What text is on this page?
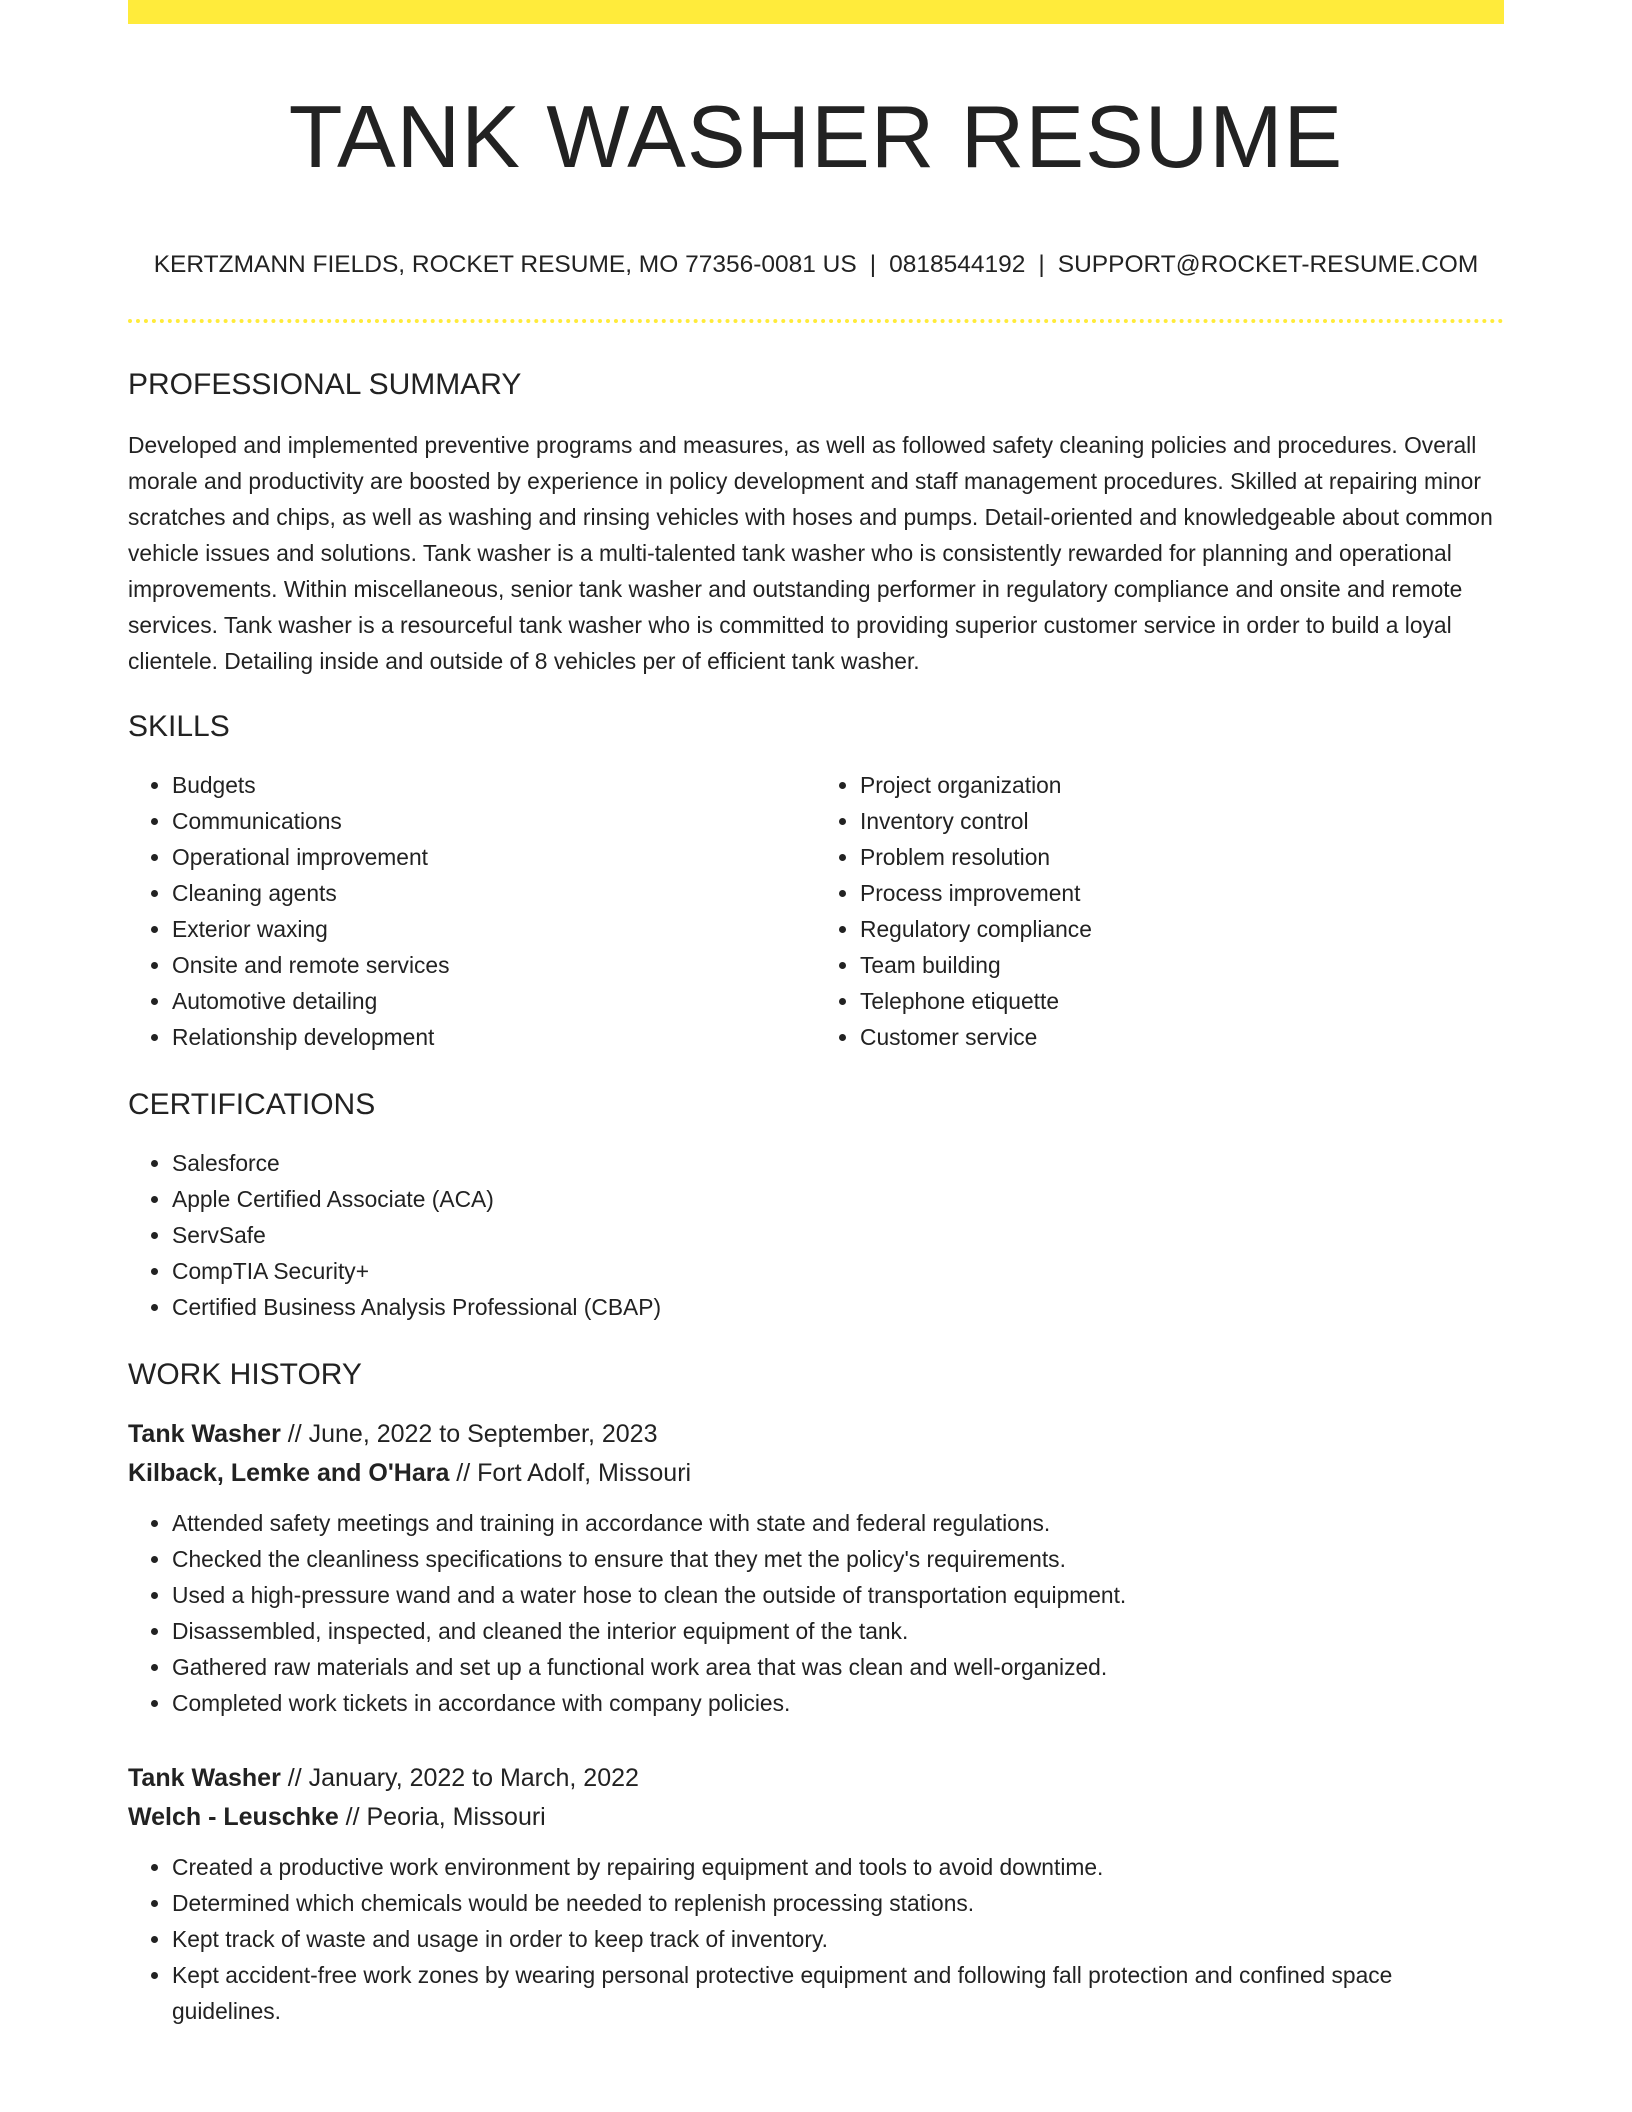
TANK WASHER RESUME
KERTZMANN FIELDS, ROCKET RESUME, MO 77356-0081 US | 0818544192 | SUPPORT@ROCKET-RESUME.COM
PROFESSIONAL SUMMARY

Developed and implemented preventive programs and measures, as well as followed safety cleaning policies and procedures. Overall morale and productivity are boosted by experience in policy development and staff management procedures. Skilled at repairing minor scratches and chips, as well as washing and rinsing vehicles with hoses and pumps. Detail-oriented and knowledgeable about common vehicle issues and solutions. Tank washer is a multi-talented tank washer who is consistently rewarded for planning and operational improvements. Within miscellaneous, senior tank washer and outstanding performer in regulatory compliance and onsite and remote services. Tank washer is a resourceful tank washer who is committed to providing superior customer service in order to build a loyal clientele. Detailing inside and outside of 8 vehicles per of efficient tank washer.

SKILLS
• Budgets
• Communications
• Operational improvement
• Cleaning agents
• Exterior waxing
• Onsite and remote services
• Automotive detailing
• Relationship development
• Project organization
• Inventory control
• Problem resolution
• Process improvement
• Regulatory compliance
• Team building
• Telephone etiquette
• Customer service
CERTIFICATIONS
• Salesforce
• Apple Certified Associate (ACA)
• ServSafe
• CompTIA Security+
• Certified Business Analysis Professional (CBAP)
WORK HISTORY
Tank Washer // June, 2022 to September, 2023
Kilback, Lemke and O'Hara // Fort Adolf, Missouri
• Attended safety meetings and training in accordance with state and federal regulations.
• Checked the cleanliness specifications to ensure that they met the policy's requirements.
• Used a high-pressure wand and a water hose to clean the outside of transportation equipment.
• Disassembled, inspected, and cleaned the interior equipment of the tank.
• Gathered raw materials and set up a functional work area that was clean and well-organized.
• Completed work tickets in accordance with company policies.
Tank Washer // January, 2022 to March, 2022
Welch - Leuschke // Peoria, Missouri
• Created a productive work environment by repairing equipment and tools to avoid downtime.
• Determined which chemicals would be needed to replenish processing stations.
• Kept track of waste and usage in order to keep track of inventory.
• Kept accident-free work zones by wearing personal protective equipment and following fall protection and confined space guidelines.
